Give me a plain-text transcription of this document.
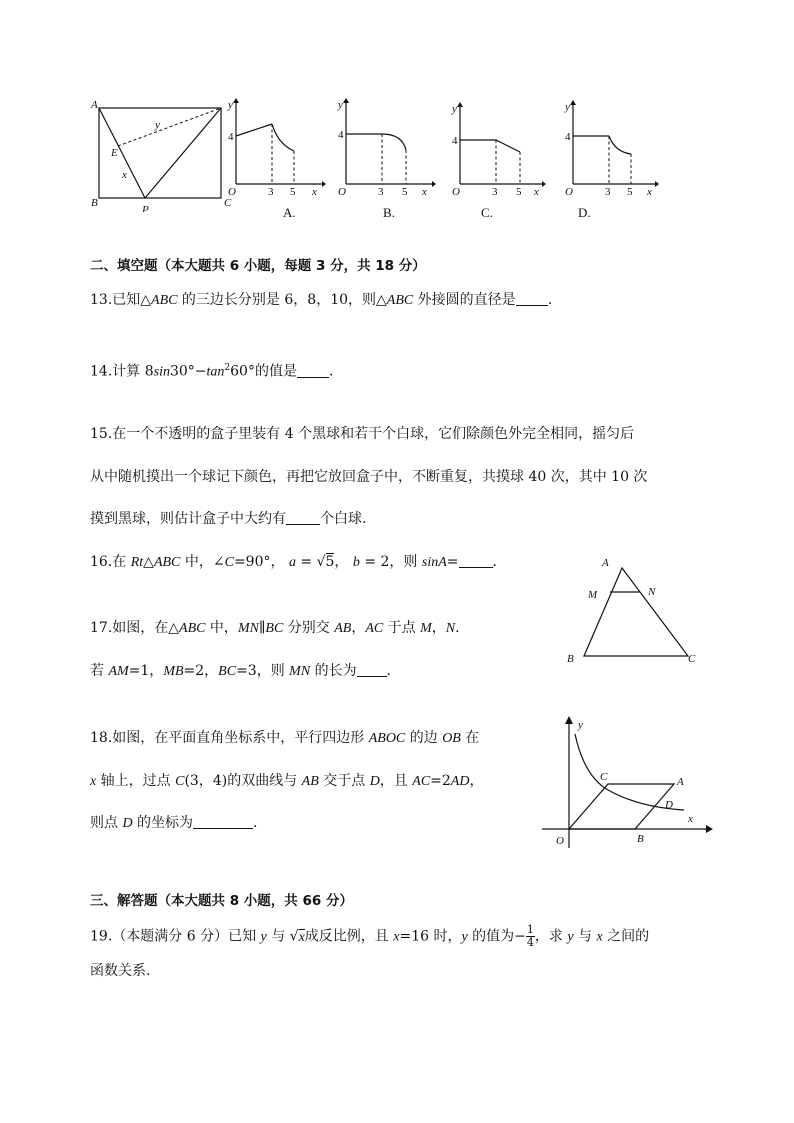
A
B	C
P
E
x
y
y
4
O	3 5 x
A.
y
4
O	3 5 x
B.
y
4
O	3 5 x
C.
y
4
O	3 5 x
D.
二、填空题（本大题共 6 小题，每题 3 分，共 18 分）
13.已知△ABC 的三边长分别是 6，8，10，则△ABC 外接圆的直径是 .
14.计算 $8\sin 30^\circ-\tan^260^\circ$的值是 .
15.在一个不透明的盒子里装有 4 个黑球和若干个白球，它们除颜色外完全相同，摇匀后
从中随机摸出一个球记下颜色，再把它放回盒子中，不断重复，共摸球 40 次，其中 10 次
摸到黑球，则估计盒子中大约有 个白球.
16.在 Rt△ABC 中，∠C=90°， a = √5， b = 2，则 sinA= .	A
M	N
B	C
17.如图，在△ABC 中，MN∥BC 分别交 AB，AC 于点 M，N.
若 AM=1，MB=2，BC=3，则 MN 的长为 .
y
x
O
C	A
D
B
18.如图，在平面直角坐标系中，平行四边形 ABOC 的边 OB 在
x 轴上，过点 C(3，4)的双曲线与 AB 交于点 D，且 AC=2AD，
则点 D 的坐标为	.
三、解答题（本大题共 8 小题，共 66 分）
19.（本题满分 6 分）已知 y 与 √x成反比例，且 x=16 时，y 的值为− $\frac{1}{4}$ ，求 y 与 x 之间的
函数关系.
